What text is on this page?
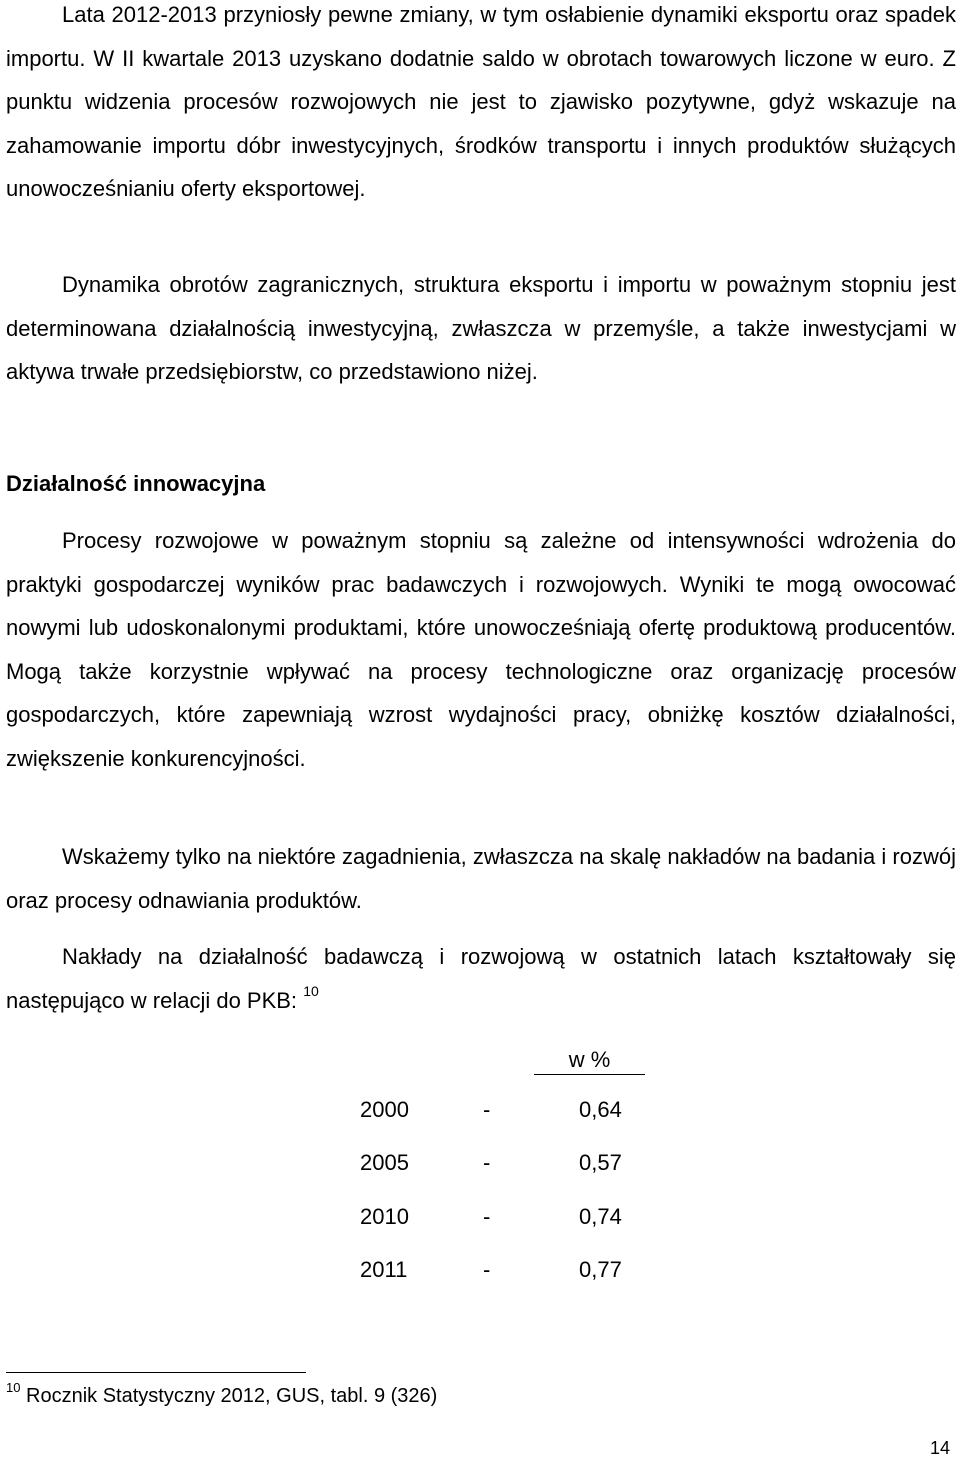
Lata 2012-2013 przyniosły pewne zmiany, w tym osłabienie dynamiki eksportu oraz spadek importu. W II kwartale 2013 uzyskano dodatnie saldo w obrotach towarowych liczone w euro. Z punktu widzenia procesów rozwojowych nie jest to zjawisko pozytywne, gdyż wskazuje na zahamowanie importu dóbr inwestycyjnych, środków transportu i innych produktów służących unowocześnianiu oferty eksportowej.

Dynamika obrotów zagranicznych, struktura eksportu i importu w poważnym stopniu jest determinowana działalnością inwestycyjną, zwłaszcza w przemyśle, a także inwestycjami w aktywa trwałe przedsiębiorstw, co przedstawiono niżej.

Działalność innowacyjna

Procesy rozwojowe w poważnym stopniu są zależne od intensywności wdrożenia do praktyki gospodarczej wyników prac badawczych i rozwojowych. Wyniki te mogą owocować nowymi lub udoskonalonymi produktami, które unowocześniają ofertę produktową producentów. Mogą także korzystnie wpływać na procesy technologiczne oraz organizację procesów gospodarczych, które zapewniają wzrost wydajności pracy, obniżkę kosztów działalności, zwiększenie konkurencyjności.

Wskażemy tylko na niektóre zagadnienia, zwłaszcza na skalę nakładów na badania i rozwój oraz procesy odnawiania produktów.

Nakłady na działalność badawczą i rozwojową w ostatnich latach kształtowały się następująco w relacji do PKB: $^{10}$

w %
2000	-	0,64
2005	-	0,57
2010	-	0,74
2011	-	0,77

$^{10}$ Rocznik Statystyczny 2012, GUS, tabl. 9 (326)

14
